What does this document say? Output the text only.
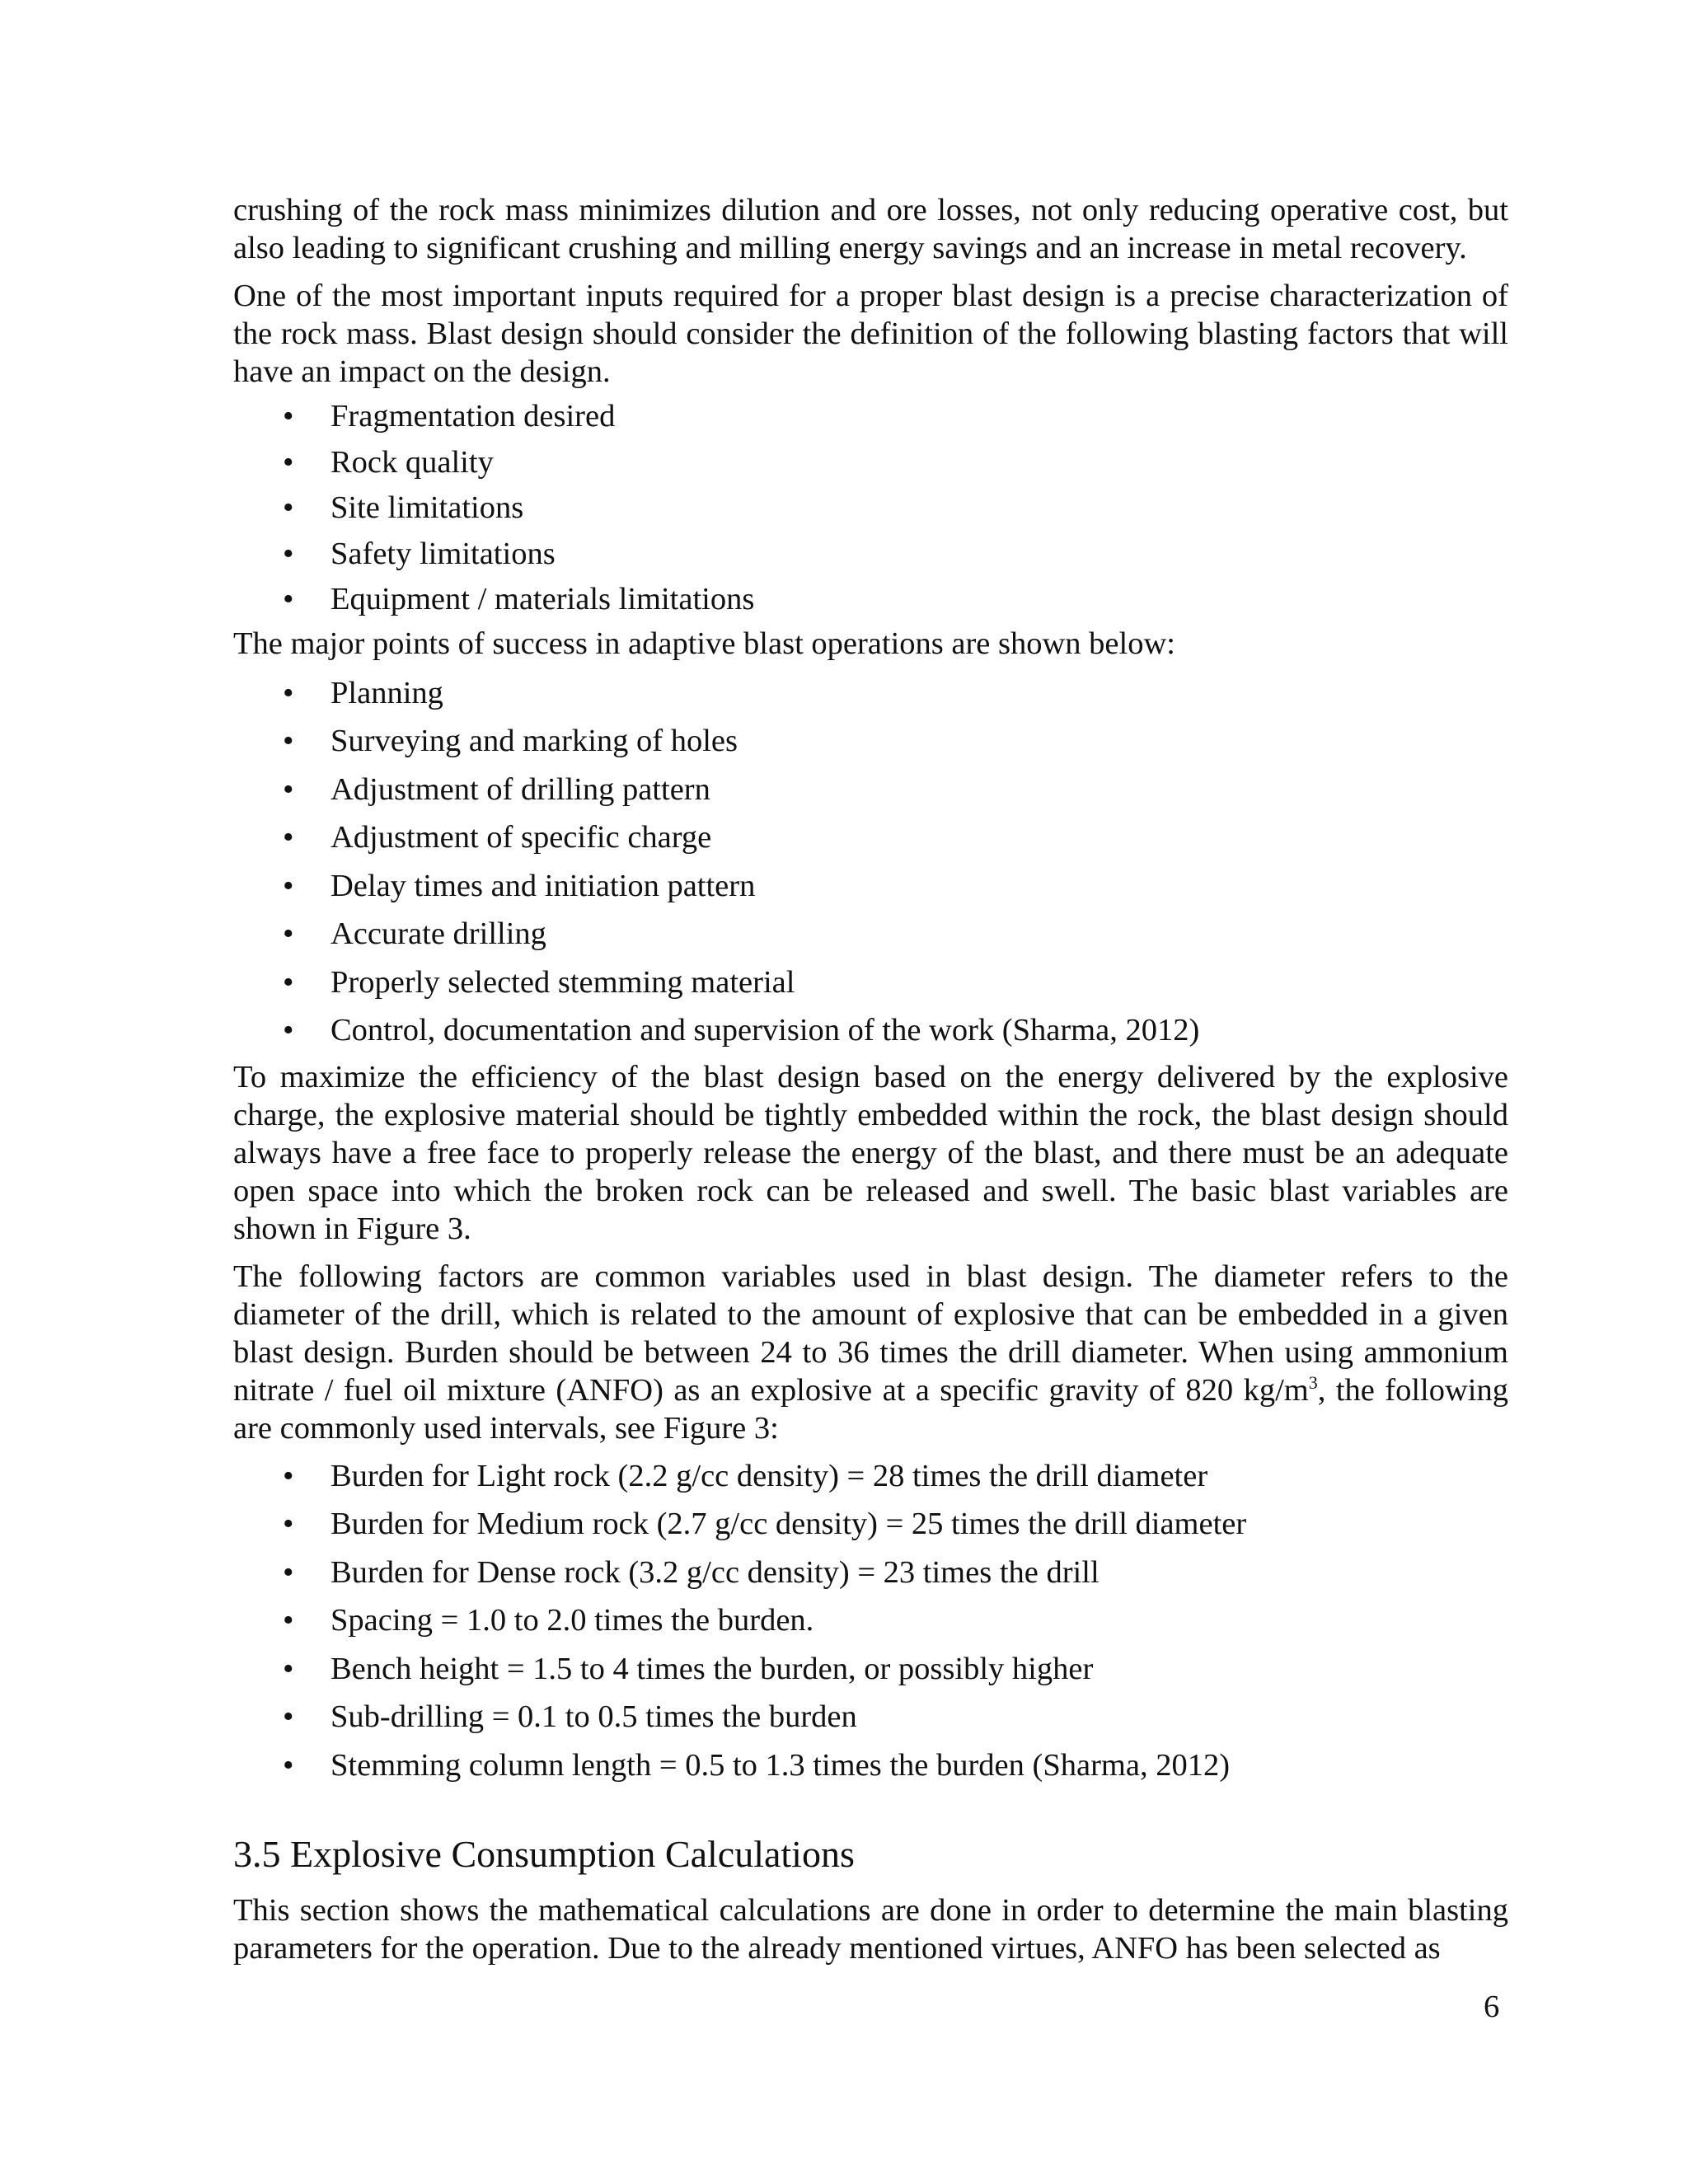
crushing of the rock mass minimizes dilution and ore losses, not only reducing operative cost, but also leading to significant crushing and milling energy savings and an increase in metal recovery.

One of the most important inputs required for a proper blast design is a precise characterization of the rock mass. Blast design should consider the definition of the following blasting factors that will have an impact on the design.

• Fragmentation desired
• Rock quality
• Site limitations
• Safety limitations
• Equipment / materials limitations

The major points of success in adaptive blast operations are shown below:

• Planning
• Surveying and marking of holes
• Adjustment of drilling pattern
• Adjustment of specific charge
• Delay times and initiation pattern
• Accurate drilling
• Properly selected stemming material
• Control, documentation and supervision of the work (Sharma, 2012)

To maximize the efficiency of the blast design based on the energy delivered by the explosive charge, the explosive material should be tightly embedded within the rock, the blast design should always have a free face to properly release the energy of the blast, and there must be an adequate open space into which the broken rock can be released and swell. The basic blast variables are shown in Figure 3.

The following factors are common variables used in blast design. The diameter refers to the diameter of the drill, which is related to the amount of explosive that can be embedded in a given blast design. Burden should be between 24 to 36 times the drill diameter. When using ammonium nitrate / fuel oil mixture (ANFO) as an explosive at a specific gravity of 820 $kg/m^3$, the following are commonly used intervals, see Figure 3:

• Burden for Light rock (2.2 g/cc density) = 28 times the drill diameter
• Burden for Medium rock (2.7 g/cc density) = 25 times the drill diameter
• Burden for Dense rock (3.2 g/cc density) = 23 times the drill
• Spacing = 1.0 to 2.0 times the burden.
• Bench height = 1.5 to 4 times the burden, or possibly higher
• Sub-drilling = 0.1 to 0.5 times the burden
• Stemming column length = 0.5 to 1.3 times the burden (Sharma, 2012)
3.5 Explosive Consumption Calculations

This section shows the mathematical calculations are done in order to determine the main blasting parameters for the operation. Due to the already mentioned virtues, ANFO has been selected as

6
